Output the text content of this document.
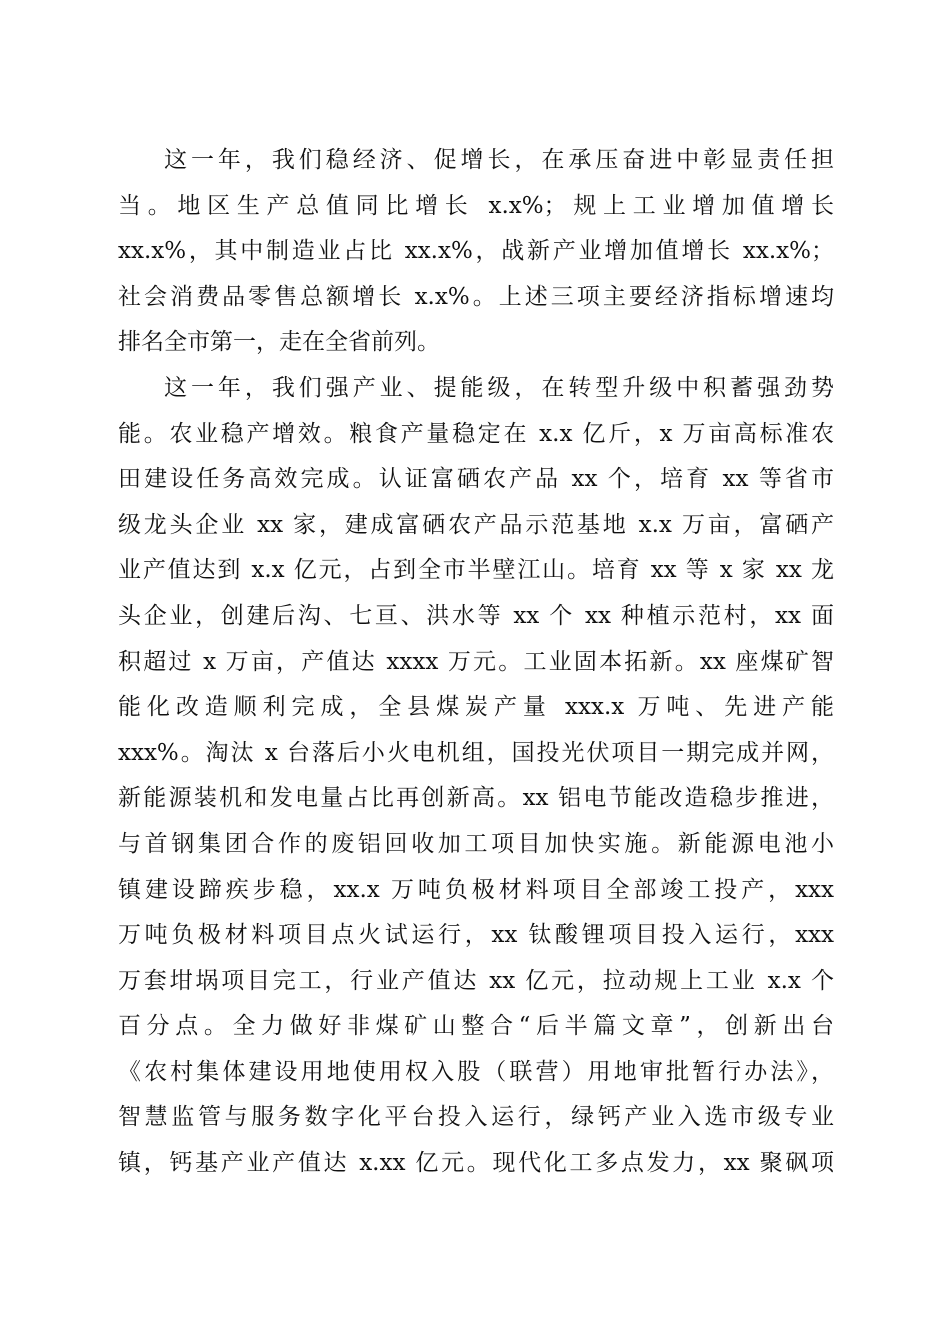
这一年，我们稳经济、促增长，在承压奋进中彰显责任担
当。地区生产总值同比增长 x.x%；规上工业增加值增长
xx.x%，其中制造业占比 xx.x%，战新产业增加值增长 xx.x%；
社会消费品零售总额增长 x.x%。上述三项主要经济指标增速均
排名全市第一，走在全省前列。
这一年，我们强产业、提能级，在转型升级中积蓄强劲势
能。农业稳产增效。粮食产量稳定在 x.x 亿斤，x 万亩高标准农
田建设任务高效完成。认证富硒农产品 xx 个，培育 xx 等省市
级龙头企业 xx 家，建成富硒农产品示范基地 x.x 万亩，富硒产
业产值达到 x.x 亿元，占到全市半壁江山。培育 xx 等 x 家 xx 龙
头企业，创建后沟、七亘、洪水等 xx 个 xx 种植示范村，xx 面
积超过 x 万亩，产值达 xxxx 万元。工业固本拓新。xx 座煤矿智
能化改造顺利完成，全县煤炭产量 xxx.x 万吨、先进产能
xxx%。淘汰 x 台落后小火电机组，国投光伏项目一期完成并网，
新能源装机和发电量占比再创新高。xx 铝电节能改造稳步推进，
与首钢集团合作的废铝回收加工项目加快实施。新能源电池小
镇建设蹄疾步稳，xx.x 万吨负极材料项目全部竣工投产，xxx
万吨负极材料项目点火试运行，xx 钛酸锂项目投入运行，xxx
万套坩埚项目完工，行业产值达 xx 亿元，拉动规上工业 x.x 个
百分点。全力做好非煤矿山整合“后半篇文章”，创新出台
《农村集体建设用地使用权入股（联营）用地审批暂行办法》，
智慧监管与服务数字化平台投入运行，绿钙产业入选市级专业
镇，钙基产业产值达 x.xx 亿元。现代化工多点发力，xx 聚砜项
